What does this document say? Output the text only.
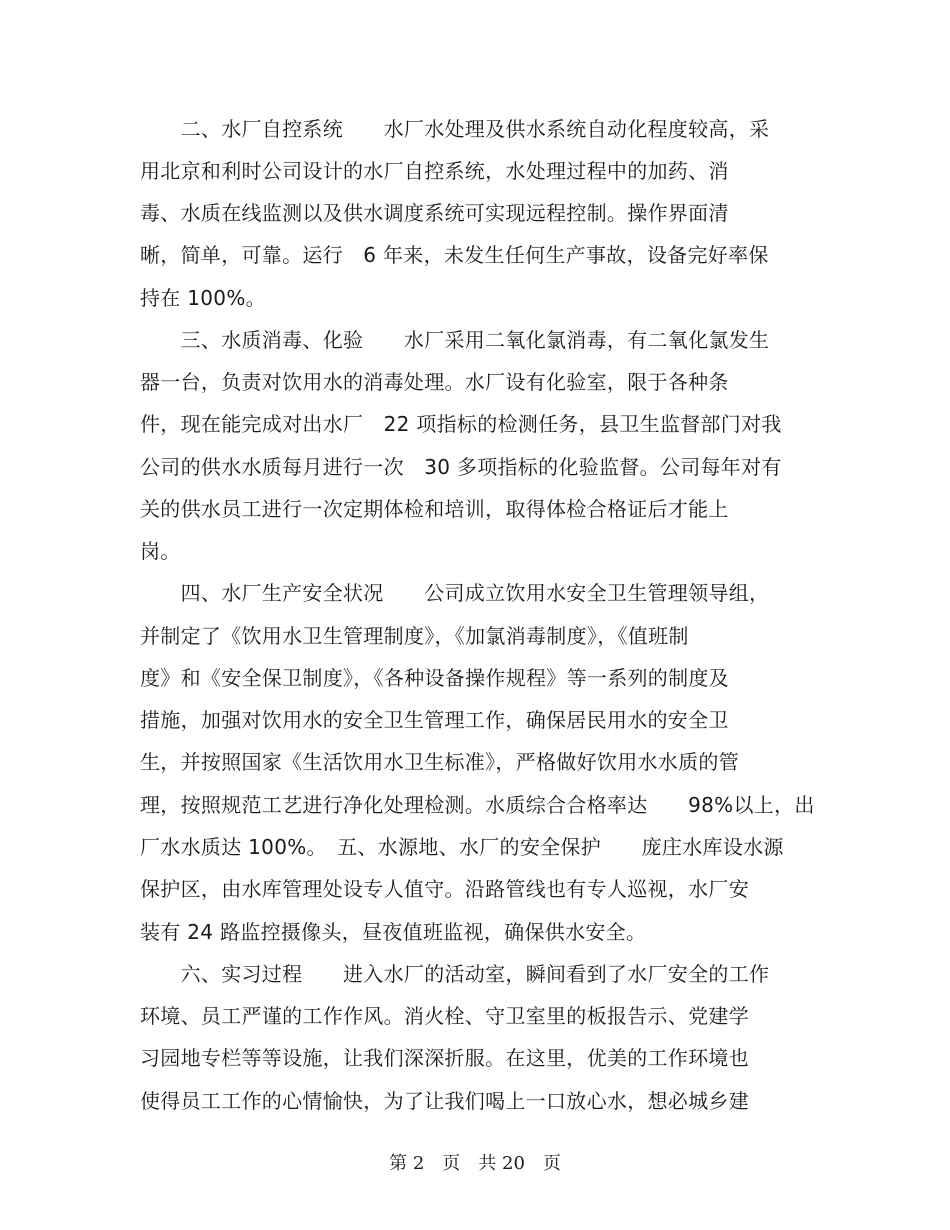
　　二、水厂自控系统　　水厂水处理及供水系统自动化程度较高，采
用北京和利时公司设计的水厂自控系统，水处理过程中的加药、消
毒、水质在线监测以及供水调度系统可实现远程控制。操作界面清
晰，简单，可靠。运行　6 年来，未发生任何生产事故，设备完好率保
持在 100%。
　　三、水质消毒、化验　　水厂采用二氧化氯消毒，有二氧化氯发生
器一台，负责对饮用水的消毒处理。水厂设有化验室，限于各种条
件，现在能完成对出水厂　22 项指标的检测任务，县卫生监督部门对我
公司的供水水质每月进行一次　30 多项指标的化验监督。公司每年对有
关的供水员工进行一次定期体检和培训，取得体检合格证后才能上
岗。
　　四、水厂生产安全状况　　公司成立饮用水安全卫生管理领导组，
并制定了《饮用水卫生管理制度》，《加氯消毒制度》，《值班制
度》和《安全保卫制度》，《各种设备操作规程》等一系列的制度及
措施，加强对饮用水的安全卫生管理工作，确保居民用水的安全卫
生，并按照国家《生活饮用水卫生标准》，严格做好饮用水水质的管
理，按照规范工艺进行净化处理检测。水质综合合格率达　　98%以上，出
厂水水质达 100%。　五、水源地、水厂的安全保护　　庞庄水库设水源
保护区，由水库管理处设专人值守。沿路管线也有专人巡视，水厂安
装有 24 路监控摄像头，昼夜值班监视，确保供水安全。
　　六、实习过程　　进入水厂的活动室，瞬间看到了水厂安全的工作
环境、员工严谨的工作作风。消火栓、守卫室里的板报告示、党建学
习园地专栏等等设施，让我们深深折服。在这里，优美的工作环境也
使得员工工作的心情愉快，为了让我们喝上一口放心水，想必城乡建
第 2　页　共 20　页
